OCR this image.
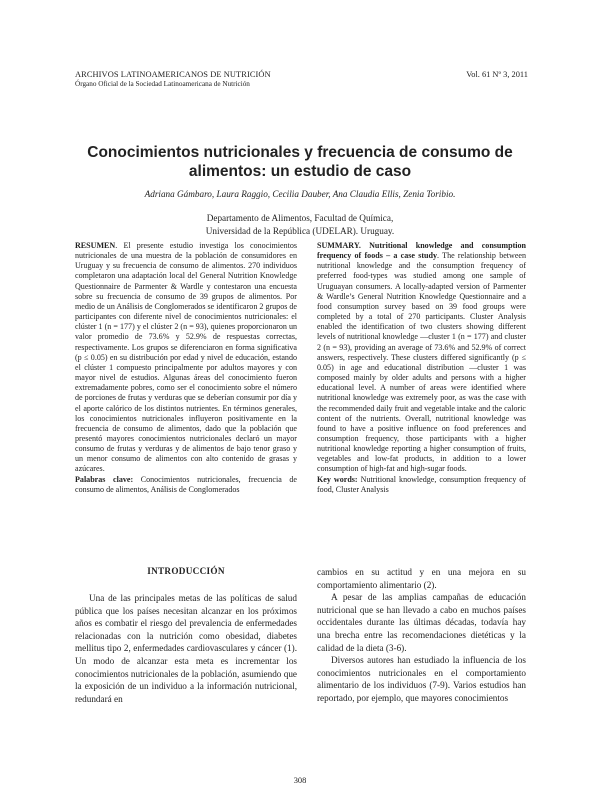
ARCHIVOS LATINOAMERICANOS DE NUTRICIÓN
Órgano Oficial de la Sociedad Latinoamericana de Nutrición
Vol. 61 Nº 3, 2011
Conocimientos nutricionales y frecuencia de consumo de alimentos: un estudio de caso
Adriana Gámbaro, Laura Raggio, Cecilia Dauber, Ana Claudia Ellis, Zenia Toribio.
Departamento de Alimentos, Facultad de Química,
Universidad de la República (UDELAR). Uruguay.

RESUMEN. El presente estudio investiga los conocimientos nutricionales de una muestra de la población de consumidores en Uruguay y su frecuencia de consumo de alimentos. 270 individuos completaron una adaptación local del General Nutrition Knowledge Questionnaire de Parmenter & Wardle y contestaron una encuesta sobre su frecuencia de consumo de 39 grupos de alimentos. Por medio de un Análisis de Conglomerados se identificaron 2 grupos de participantes con diferente nivel de conocimientos nutricionales: el clúster 1 (n = 177) y el clúster 2 (n = 93), quienes proporcionaron un valor promedio de 73.6% y 52.9% de respuestas correctas, respectivamente. Los grupos se diferenciaron en forma significativa (p ≤ 0.05) en su distribución por edad y nivel de educación, estando el clúster 1 compuesto principalmente por adultos mayores y con mayor nivel de estudios. Algunas áreas del conocimiento fueron extremadamente pobres, como ser el conocimiento sobre el número de porciones de frutas y verduras que se deberían consumir por día y el aporte calórico de los distintos nutrientes. En términos generales, los conocimientos nutricionales influyeron positivamente en la frecuencia de consumo de alimentos, dado que la población que presentó mayores conocimientos nutricionales declaró un mayor consumo de frutas y verduras y de alimentos de bajo tenor graso y un menor consumo de alimentos con alto contenido de grasas y azúcares.

Palabras clave: Conocimientos nutricionales, frecuencia de consumo de alimentos, Análisis de Conglomerados

SUMMARY. Nutritional knowledge and consumption frequency of foods – a case study. The relationship between nutritional knowledge and the consumption frequency of preferred food-types was studied among one sample of Uruguayan consumers. A locally-adapted version of Parmenter & Wardle’s General Nutrition Knowledge Questionnaire and a food consumption survey based on 39 food groups were completed by a total of 270 participants. Cluster Analysis enabled the identification of two clusters showing different levels of nutritional knowledge —cluster 1 (n = 177) and cluster 2 (n = 93), providing an average of 73.6% and 52.9% of correct answers, respectively. These clusters differed significantly (p ≤ 0.05) in age and educational distribution —cluster 1 was composed mainly by older adults and persons with a higher educational level. A number of areas were identified where nutritional knowledge was extremely poor, as was the case with the recommended daily fruit and vegetable intake and the caloric content of the nutrients. Overall, nutritional knowledge was found to have a positive influence on food preferences and consumption frequency, those participants with a higher nutritional knowledge reporting a higher consumption of fruits, vegetables and low-fat products, in addition to a lower consumption of high-fat and high-sugar foods.

Key words: Nutritional knowledge, consumption frequency of food, Cluster Analysis

INTRODUCCIÓN

Una de las principales metas de las políticas de salud pública que los países necesitan alcanzar en los próximos años es combatir el riesgo del prevalencia de enfermedades relacionadas con la nutrición como obesidad, diabetes mellitus tipo 2, enfermedades cardiovasculares y cáncer (1). Un modo de alcanzar esta meta es incrementar los conocimientos nutricionales de la población, asumiendo que la exposición de un individuo a la información nutricional, redundará en

cambios en su actitud y en una mejora en su comportamiento alimentario (2).

A pesar de las amplias campañas de educación nutricional que se han llevado a cabo en muchos países occidentales durante las últimas décadas, todavía hay una brecha entre las recomendaciones dietéticas y la calidad de la dieta (3-6).

Diversos autores han estudiado la influencia de los conocimientos nutricionales en el comportamiento alimentario de los individuos (7-9). Varios estudios han reportado, por ejemplo, que mayores conocimientos

308
